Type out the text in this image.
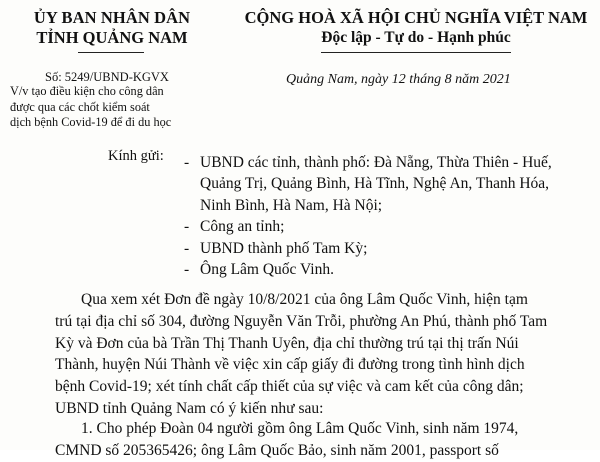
ỦY BAN NHÂN DÂN
TỈNH QUẢNG NAM
CỘNG HOÀ XÃ HỘI CHỦ NGHĨA VIỆT NAM
Độc lập - Tự do - Hạnh phúc
Số: 5249/UBND-KGVX	Quảng Nam, ngày 12 tháng 8 năm 2021
V/v tạo điều kiện cho công dân
được qua các chốt kiểm soát
dịch bệnh Covid-19 để đi du học
Kính gửi: - UBND các tỉnh, thành phố: Đà Nẵng, Thừa Thiên - Huế,
Quảng Trị, Quảng Bình, Hà Tĩnh, Nghệ An, Thanh Hóa,
Ninh Bình, Hà Nam, Hà Nội;
- Công an tỉnh;
- UBND thành phố Tam Kỳ;
- Ông Lâm Quốc Vinh.
Qua xem xét Đơn đề ngày 10/8/2021 của ông Lâm Quốc Vinh, hiện tạm
trú tại địa chỉ số 304, đường Nguyễn Văn Trỗi, phường An Phú, thành phố Tam
Kỳ và Đơn của bà Trần Thị Thanh Uyên, địa chỉ thường trú tại thị trấn Núi
Thành, huyện Núi Thành về việc xin cấp giấy đi đường trong tình hình dịch
bệnh Covid-19; xét tính chất cấp thiết của sự việc và cam kết của công dân;
UBND tỉnh Quảng Nam có ý kiến như sau:
1. Cho phép Đoàn 04 người gồm ông Lâm Quốc Vinh, sinh năm 1974,
CMND số 205365426; ông Lâm Quốc Bảo, sinh năm 2001, passport số
